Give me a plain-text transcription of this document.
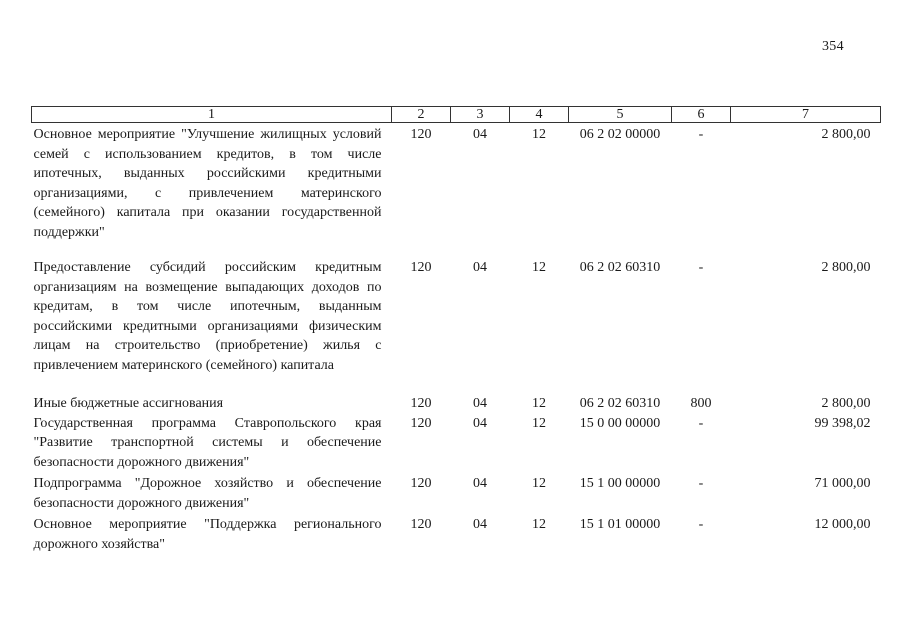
354
1	2	3	4	5	6	7
Основное мероприятие "Улучшение жилищных условий семей с использованием кредитов, в том числе ипотечных, выданных российскими кредитными организациями, с привлечением материнского (семейного) капитала при оказании государственной поддержки"	120	04	12	06 2 02 00000	-	2 800,00
Предоставление субсидий российским кредитным организациям на возмещение выпадающих доходов по кредитам, в том числе ипотечным, выданным российскими кредитными организациями физическим лицам на строительство (приобретение) жилья с привлечением материнского (семейного) капитала	120	04	12	06 2 02 60310	-	2 800,00
Иные бюджетные ассигнования	120	04	12	06 2 02 60310	800	2 800,00
Государственная программа Ставропольского края "Развитие транспортной системы и обеспечение безопасности дорожного движения"	120	04	12	15 0 00 00000	-	99 398,02
Подпрограмма "Дорожное хозяйство и обеспечение безопасности дорожного движения"	120	04	12	15 1 00 00000	-	71 000,00
Основное мероприятие "Поддержка регионального дорожного хозяйства"	120	04	12	15 1 01 00000	-	12 000,00
